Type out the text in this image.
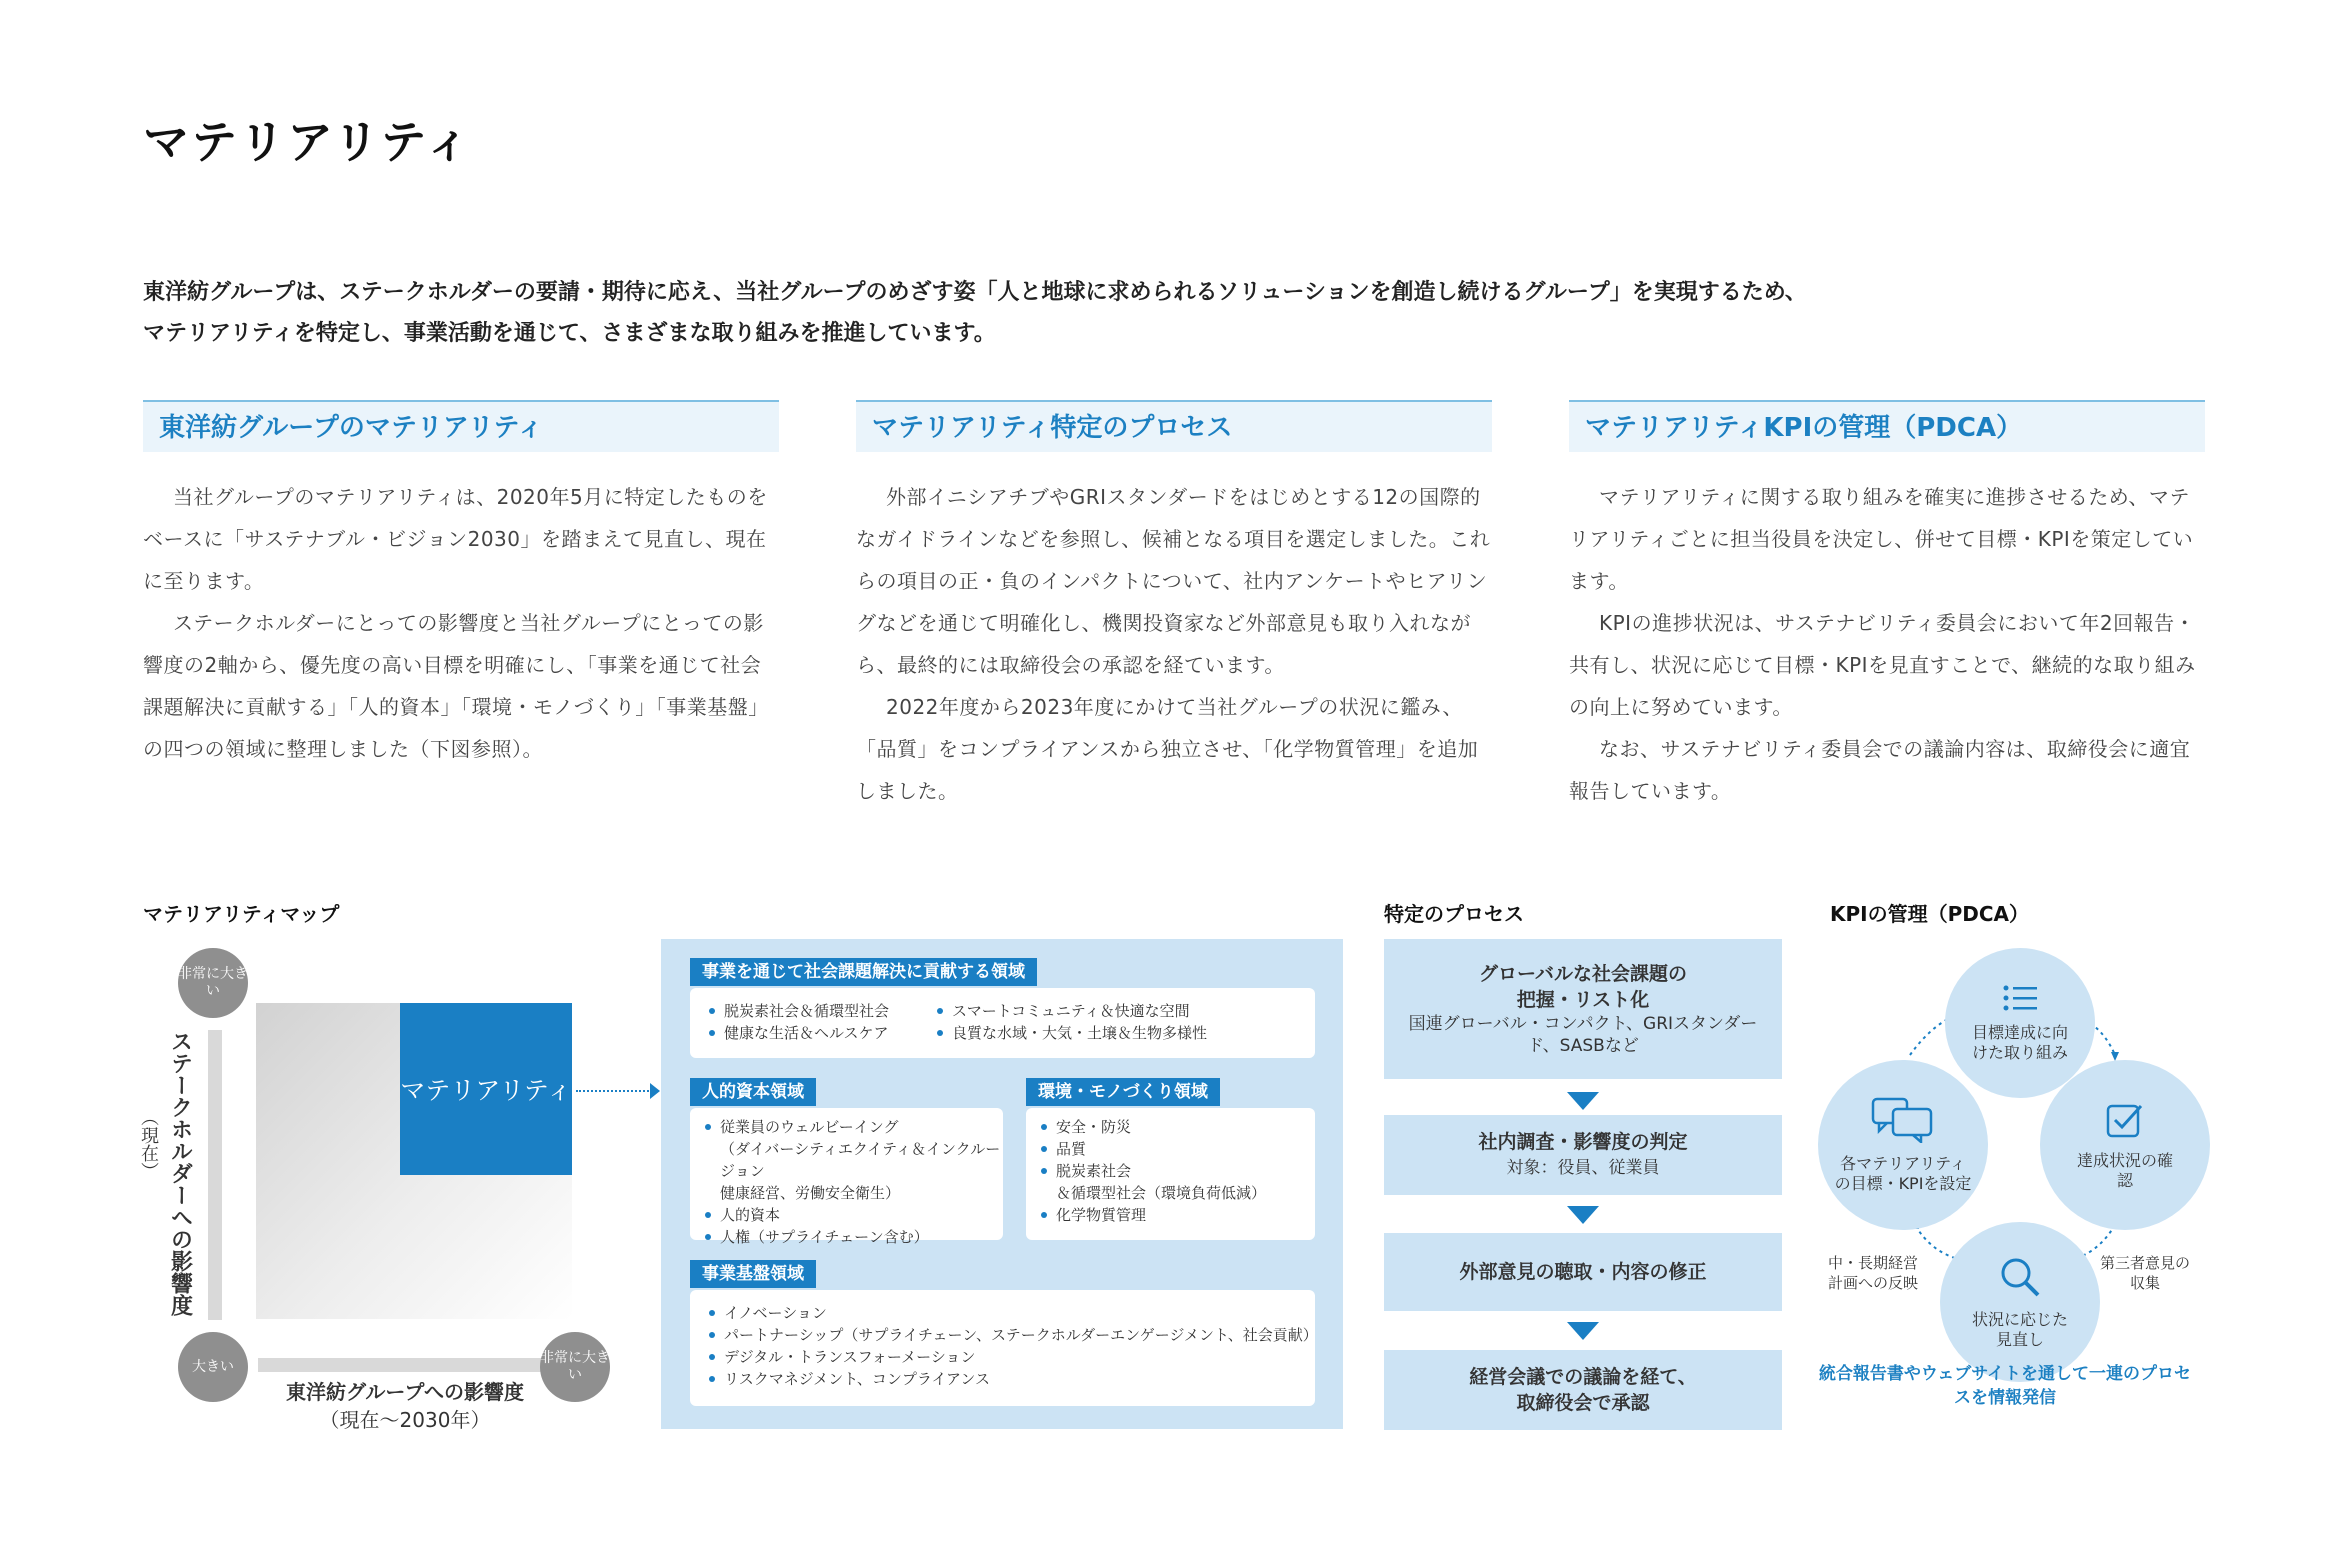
マテリアリティ

東洋紡グループは、ステークホルダーの要請・期待に応え、当社グループのめざす姿「人と地球に求められるソリューションを創造し続けるグループ」を実現するため、

マテリアリティを特定し、事業活動を通じて、さまざまな取り組みを推進しています。

東洋紡グループのマテリアリティ

当社グループのマテリアリティは、2020年5月に特定したものをベースに「サステナブル・ビジョン2030」を踏まえて見直し、現在に至ります。

ステークホルダーにとっての影響度と当社グループにとっての影響度の2軸から、優先度の高い目標を明確にし、「事業を通じて社会課題解決に貢献する」「人的資本」「環境・モノづくり」「事業基盤」の四つの領域に整理しました（下図参照）。

マテリアリティ特定のプロセス

外部イニシアチブやGRIスタンダードをはじめとする12の国際的なガイドラインなどを参照し、候補となる項目を選定しました。これらの項目の正・負のインパクトについて、社内アンケートやヒアリングなどを通じて明確化し、機関投資家など外部意見も取り入れながら、最終的には取締役会の承認を経ています。

2022年度から2023年度にかけて当社グループの状況に鑑み、「品質」をコンプライアンスから独立させ、「化学物質管理」を追加しました。

マテリアリティKPIの管理（PDCA）

マテリアリティに関する取り組みを確実に進捗させるため、マテリアリティごとに担当役員を決定し、併せて目標・KPIを策定しています。

KPIの進捗状況は、サステナビリティ委員会において年2回報告・共有し、状況に応じて目標・KPIを見直すことで、継続的な取り組みの向上に努めています。

なお、サステナビリティ委員会での議論内容は、取締役会に適宜報告しています。

マテリアリティマップ
非常に大きい
ステークホルダーへの影響度
（現在）
マテリアリティ
大きい
非常に大きい
東洋紡グループへの影響度
（現在〜2030年）
事業を通じて社会課題解決に貢献する領域
脱炭素社会＆循環型社会
健康な生活＆ヘルスケア
スマートコミュニティ＆快適な空間
良質な水域・大気・土壌＆生物多様性
人的資本領域
従業員のウェルビーイング
（ダイバーシティエクイティ＆インクルージョン
健康経営、労働安全衛生）
人的資本
人権（サプライチェーン含む）
環境・モノづくり領域
安全・防災
品質
脱炭素社会
＆循環型社会（環境負荷低減）
化学物質管理
事業基盤領域
イノベーション
パートナーシップ（サプライチェーン、ステークホルダーエンゲージメント、社会貢献）
デジタル・トランスフォーメーション
リスクマネジメント、コンプライアンス
特定のプロセス
グローバルな社会課題の
把握・リスト化
国連グローバル・コンパクト、GRIスタンダード、SASBなど
社内調査・影響度の判定
対象：役員、従業員
外部意見の聴取・内容の修正
経営会議での議論を経て、
取締役会で承認
KPIの管理（PDCA）
目標達成に向けた取り組み
各マテリアリティの目標・KPIを設定
達成状況の確認
状況に応じた見直し
中・長期経営計画への反映
第三者意見の収集
統合報告書やウェブサイトを通して一連のプロセスを情報発信
